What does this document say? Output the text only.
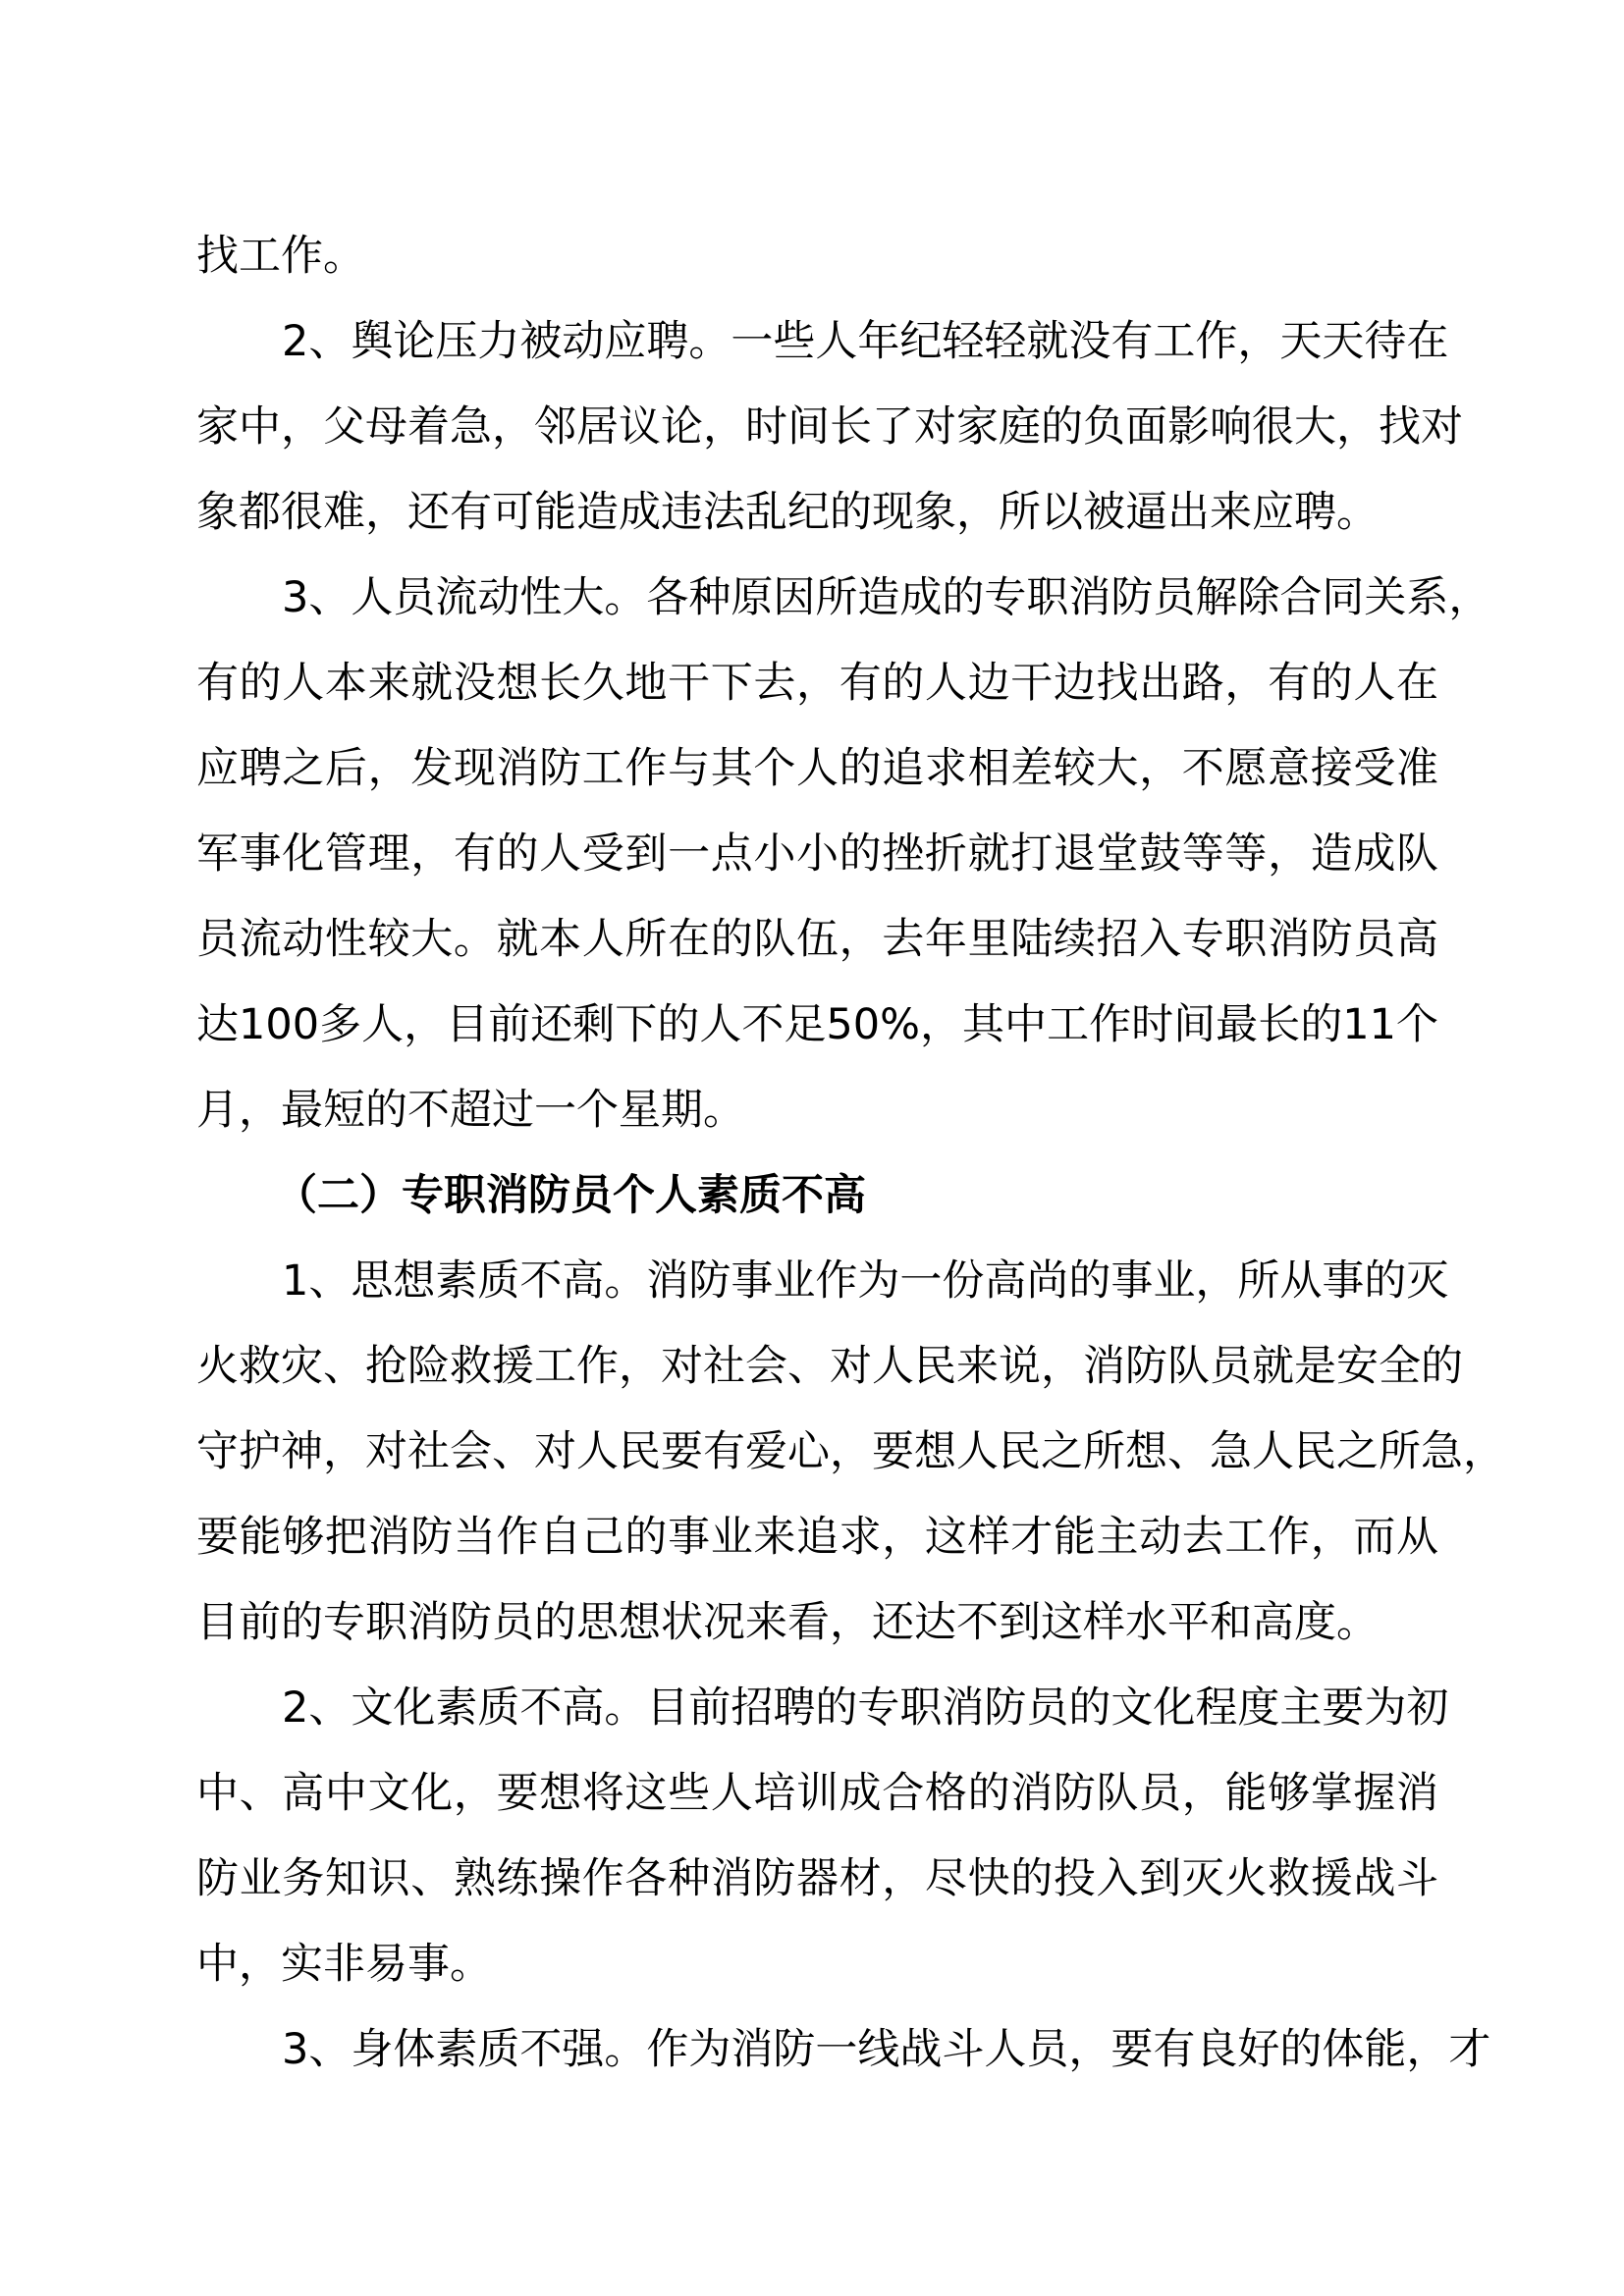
找工作。
2、舆论压力被动应聘。一些人年纪轻轻就没有工作，天天待在
家中，父母着急，邻居议论，时间长了对家庭的负面影响很大，找对
象都很难，还有可能造成违法乱纪的现象，所以被逼出来应聘。
3、人员流动性大。各种原因所造成的专职消防员解除合同关系，
有的人本来就没想长久地干下去，有的人边干边找出路，有的人在
应聘之后，发现消防工作与其个人的追求相差较大，不愿意接受准
军事化管理，有的人受到一点小小的挫折就打退堂鼓等等，造成队
员流动性较大。就本人所在的队伍，去年里陆续招入专职消防员高
达100多人，目前还剩下的人不足50%，其中工作时间最长的11个
月，最短的不超过一个星期。
（二）专职消防员个人素质不高
1、思想素质不高。消防事业作为一份高尚的事业，所从事的灭
火救灾、抢险救援工作，对社会、对人民来说，消防队员就是安全的
守护神，对社会、对人民要有爱心，要想人民之所想、急人民之所急，
要能够把消防当作自己的事业来追求，这样才能主动去工作，而从
目前的专职消防员的思想状况来看，还达不到这样水平和高度。
2、文化素质不高。目前招聘的专职消防员的文化程度主要为初
中、高中文化，要想将这些人培训成合格的消防队员，能够掌握消
防业务知识、熟练操作各种消防器材，尽快的投入到灭火救援战斗
中，实非易事。
3、身体素质不强。作为消防一线战斗人员，要有良好的体能，才
